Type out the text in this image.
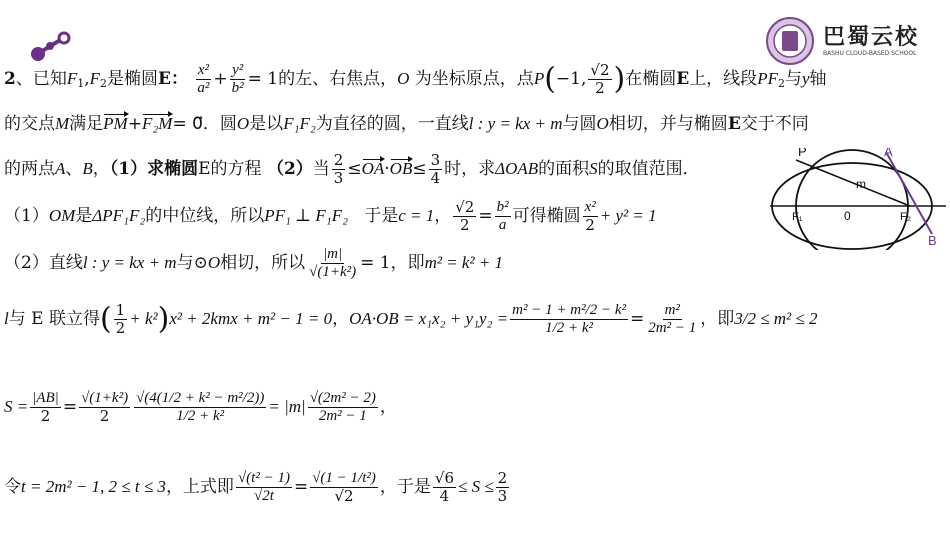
巴蜀云校
BASHU CLOUD-BASED SCHOOL
2、已知$F_1,F_2$是椭圆E： $\frac{\text{x²}}{\text{a²}} + \frac{\text{y²}}{\text{b²}} = 1$的左、右焦点，O 为坐标原点，点P(−1, $\frac{√2}{2}$ )在椭圆E上，线段$PF_2$与y轴
的交点M满足PM+F₂M= 0⃗．圆O是以F₁F₂为直径的圆，一直线l : y = kx + m与圆O相切，并与椭圆E交于不同
的两点A、B，（1）求椭圆E的方程 （2）当 $\frac{2}{3} \le OA\cdot OB\le \frac{3}{4}$ 时，求ΔOAB的面积S的取值范围．
（1）OM是ΔPF₁F₂的中位线，所以PF₁ ⊥ F₁F₂ 于是c = 1， $\frac{√2}{2} = \frac{\text{b²}}{a}$ 可得椭圆 $\frac{\text{x²}}{2} + y^2 = 1$
（2）直线l : y = kx + m与⊙O相切，所以 $\frac{|m|}{\text{√(1+k²)}} = 1$，即m² = k² + 1
l与 E 联立得( $\frac{1}{2} + k^2)x^2 + 2kmx + m^2 - 1 = 0$，$OA\cdot OB = x_1x_2 + y_1y_2 = \frac{\text{m² − 1 + m²/2 − k²}}{\text{1/2 + k²}} = \frac{\text{m²}}{\text{2m² − 1}}$ ，即3/2 ≤ m² ≤ 2
$S = \frac{|AB|}{2} = \frac{\text{√(1+k²)}}{2} \frac{\text{√(4(1/2 + k² − m²/2))}}{\text{1/2 + k²}} = |m| \frac{\text{√(2m² − 2)}}{\text{2m² − 1}}$ ，
令t = 2m² − 1, 2 ≤ t ≤ 3，上式即 $\frac{\text{√(t² − 1)}}{√2t} = \frac{\text{√(1 − 1/t²)}}{√2}$ ，于是 $\frac{√6}{4} \le S \le \frac{2}{3}$
P	A
B
m
F₁	0	F₂
